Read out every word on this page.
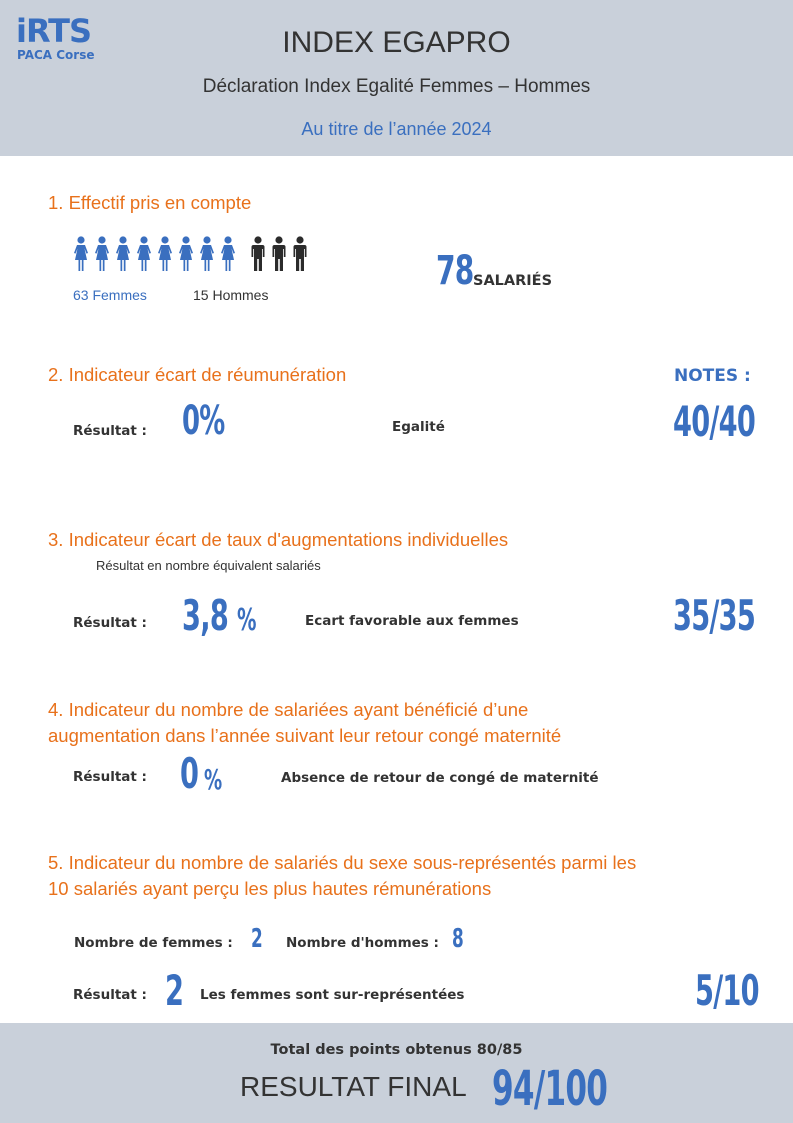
iRTS
PACA Corse	INDEX EGAPRO
Déclaration Index Egalité Femmes – Hommes
Au titre de l’année 2024
1. Effectif pris en compte
63 Femmes	15 Hommes
78 SALARIÉS
2. Indicateur écart de réumunération	NOTES :
Résultat : 0%	Egalité	40/40
3. Indicateur écart de taux d'augmentations individuelles
Résultat en nombre équivalent salariés
Résultat : 3,8 %	Ecart favorable aux femmes	35/35
4. Indicateur du nombre de salariées ayant bénéficié d’une
augmentation dans l’année suivant leur retour congé maternité
Résultat : 0 %	Absence de retour de congé de maternité
5. Indicateur du nombre de salariés du sexe sous-représentés parmi les
10 salariés ayant perçu les plus hautes rémunérations
Nombre de femmes : 2 Nombre d'hommes : 8
Résultat : 2 Les femmes sont sur-représentées	5/10
Total des points obtenus 80/85
RESULTAT FINAL 94/100
